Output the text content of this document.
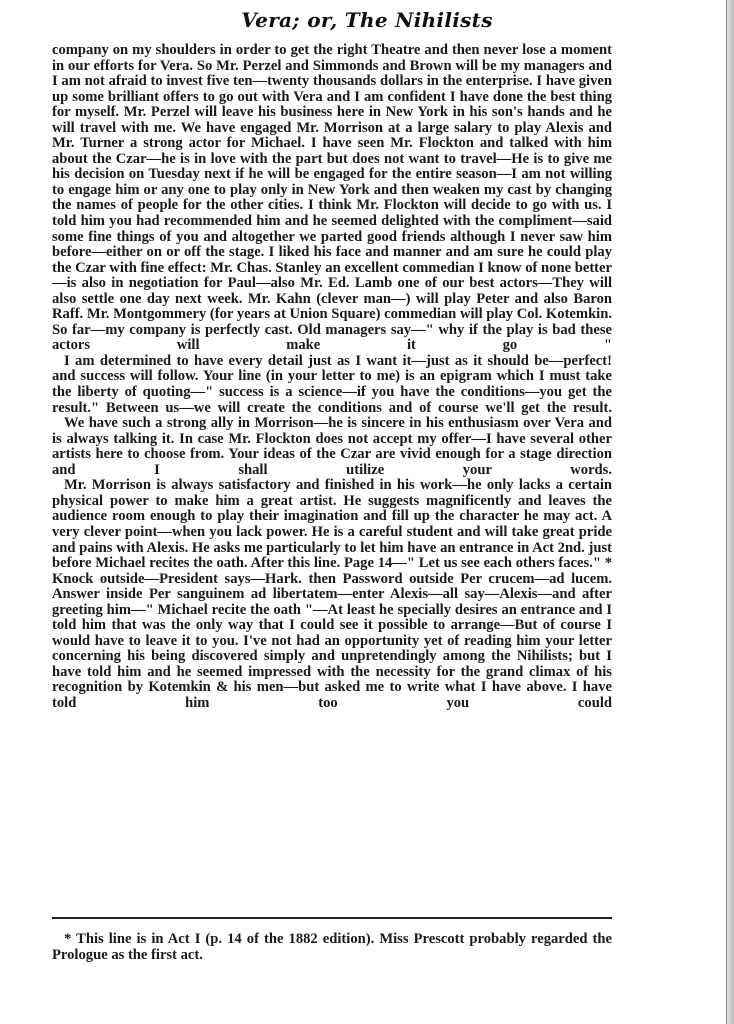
Vera; or, The Nihilists

company on my shoulders in order to get the right Theatre and then never lose a moment in our efforts for Vera. So Mr. Perzel and Simmonds and Brown will be my managers and I am not afraid to invest five ten—twenty thousands dollars in the enterprise. I have given up some brilliant offers to go out with Vera and I am confident I have done the best thing for myself. Mr. Perzel will leave his business here in New York in his son's hands and he will travel with me. We have engaged Mr. Morrison at a large salary to play Alexis and Mr. Turner a strong actor for Michael. I have seen Mr. Flockton and talked with him about the Czar—he is in love with the part but does not want to travel—He is to give me his decision on Tuesday next if he will be engaged for the entire season—I am not willing to engage him or any one to play only in New York and then weaken my cast by changing the names of people for the other cities. I think Mr. Flockton will decide to go with us. I told him you had recommended him and he seemed delighted with the compliment—said some fine things of you and altogether we parted good friends although I never saw him before—either on or off the stage. I liked his face and manner and am sure he could play the Czar with fine effect: Mr. Chas. Stanley an excellent commedian I know of none better—is also in negotiation for Paul—also Mr. Ed. Lamb one of our best actors—They will also settle one day next week. Mr. Kahn (clever man—) will play Peter and also Baron Raff. Mr. Montgommery (for years at Union Square) commedian will play Col. Kotemkin. So far—my company is perfectly cast. Old managers say—" why if the play is bad these actors will make it go "

I am determined to have every detail just as I want it—just as it should be—perfect! and success will follow. Your line (in your letter to me) is an epigram which I must take the liberty of quoting—" success is a science—if you have the conditions—you get the result." Between us—we will create the conditions and of course we'll get the result.

We have such a strong ally in Morrison—he is sincere in his enthusiasm over Vera and is always talking it. In case Mr. Flockton does not accept my offer—I have several other artists here to choose from. Your ideas of the Czar are vivid enough for a stage direction and I shall utilize your words.

Mr. Morrison is always satisfactory and finished in his work—he only lacks a certain physical power to make him a great artist. He suggests magnificently and leaves the audience room enough to play their imagination and fill up the character he may act. A very clever point—when you lack power. He is a careful student and will take great pride and pains with Alexis. He asks me particularly to let him have an entrance in Act 2nd. just before Michael recites the oath. After this line. Page 14—" Let us see each others faces." * Knock outside—President says—Hark. then Password outside Per crucem—ad lucem. Answer inside Per sanguinem ad libertatem—enter Alexis—all say—Alexis—and after greeting him—" Michael recite the oath "—At least he specially desires an entrance and I told him that was the only way that I could see it possible to arrange—But of course I would have to leave it to you. I've not had an opportunity yet of reading him your letter concerning his being discovered simply and unpretendingly among the Nihilists; but I have told him and he seemed impressed with the necessity for the grand climax of his recognition by Kotemkin & his men—but asked me to write what I have above. I have told him too you could

* This line is in Act I (p. 14 of the 1882 edition). Miss Prescott probably regarded the Prologue as the first act.
